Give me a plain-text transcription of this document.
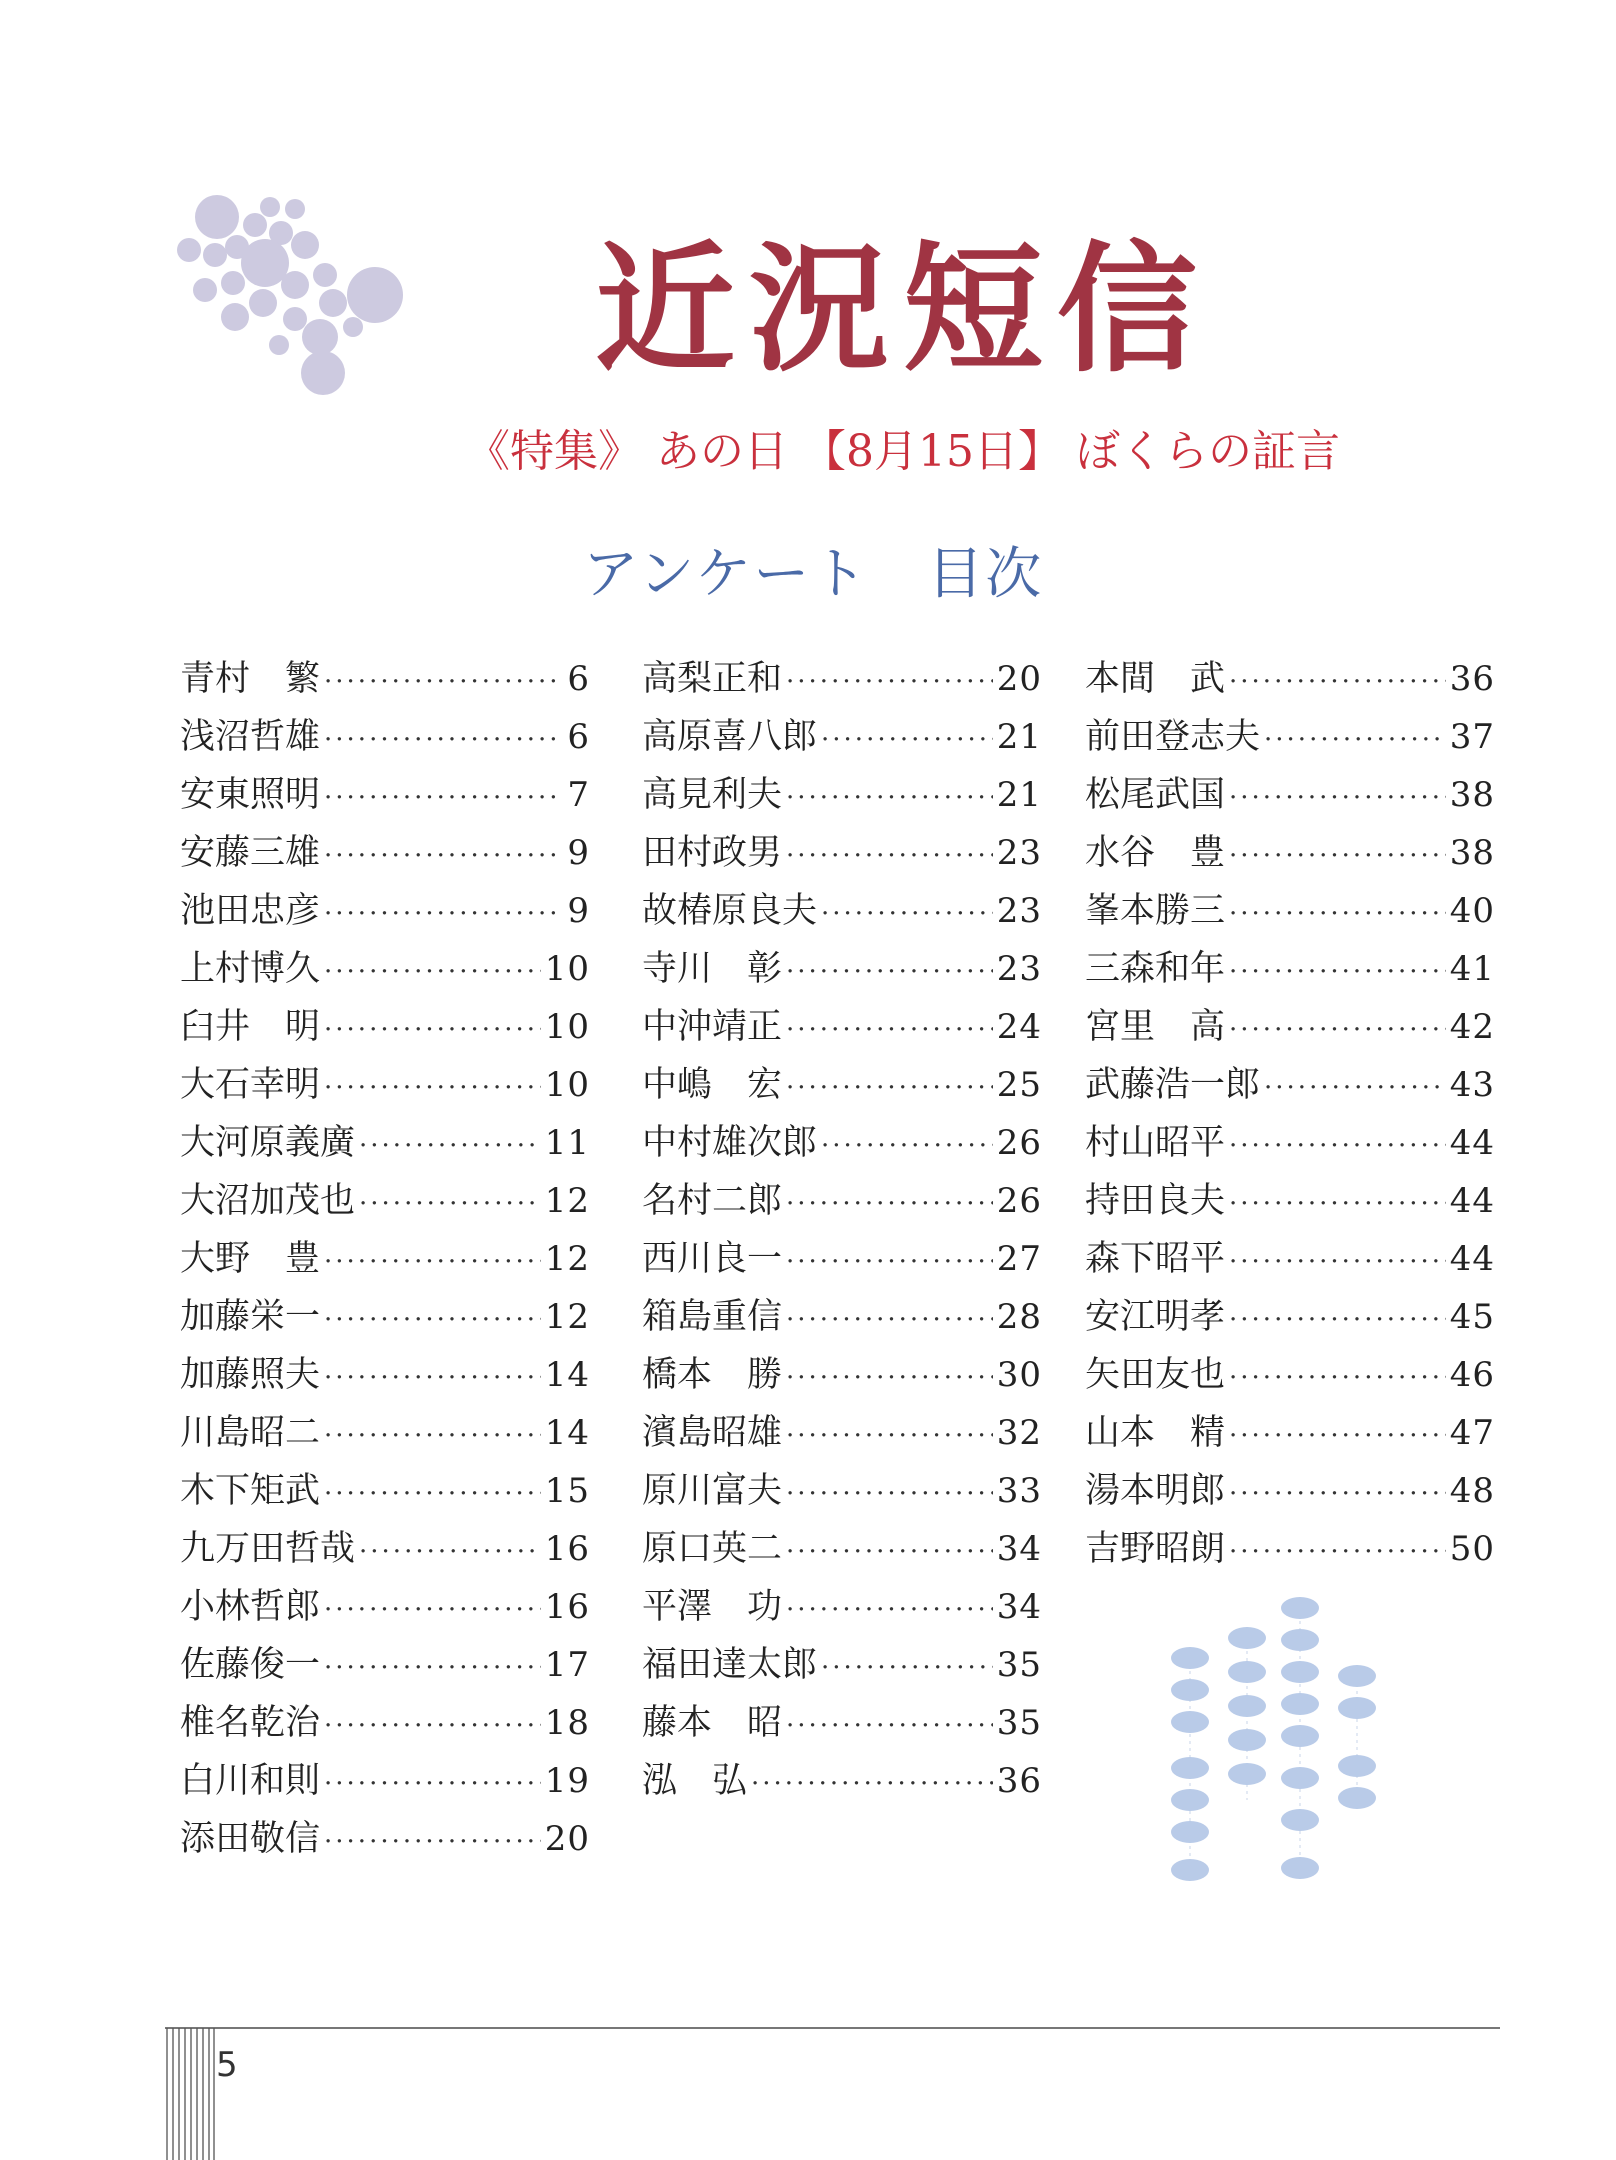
近況短信
《特集》 あの日 【8月15日】 ぼくらの証言
アンケート　目次
青村　繁 ·····	6
浅沼哲雄 ·····	6
安東照明 ·····	7
安藤三雄 ·····	9
池田忠彦 ·····	9
上村博久 ·····	10
臼井　明 ·····	10
大石幸明 ·····	10
大河原義廣 ·····	11
大沼加茂也 ·····	12
大野　豊 ·····	12
加藤栄一 ·····	12
加藤照夫 ·····	14
川島昭二 ·····	14
木下矩武 ·····	15
九万田哲哉 ·····	16
小林哲郎 ·····	16
佐藤俊一 ·····	17
椎名乾治 ·····	18
白川和則 ·····	19
添田敬信 ·····	20
高梨正和 ·····	20
高原喜八郎 ·····	21
高見利夫 ·····	21
田村政男 ·····	23
故椿原良夫 ·····	23
寺川　彰 ·····	23
中沖靖正 ·····	24
中嶋　宏 ·····	25
中村雄次郎 ·····	26
名村二郎 ·····	26
西川良一 ·····	27
箱島重信 ·····	28
橋本　勝 ·····	30
濱島昭雄 ·····	32
原川富夫 ·····	33
原口英二 ·····	34
平澤　功 ·····	34
福田達太郎 ·····	35
藤本　昭 ·····	35
泓　弘 ·····	36
本間　武 ·····	36
前田登志夫 ·····	37
松尾武国 ·····	38
水谷　豊 ·····	38
峯本勝三 ·····	40
三森和年 ·····	41
宮里　高 ·····	42
武藤浩一郎 ·····	43
村山昭平 ·····	44
持田良夫 ·····	44
森下昭平 ·····	44
安江明孝 ·····	45
矢田友也 ·····	46
山本　精 ·····	47
湯本明郎 ·····	48
吉野昭朗 ·····	50
5
